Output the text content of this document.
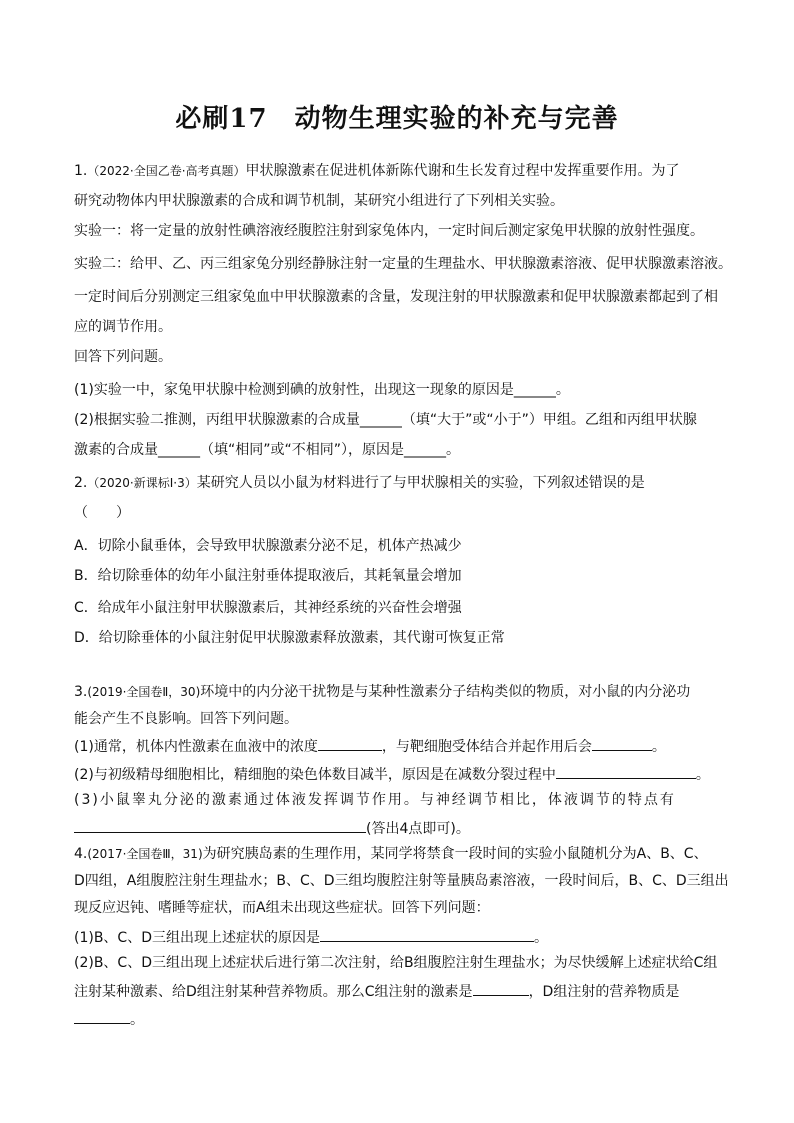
必刷17　动物生理实验的补充与完善
1.（2022·全国乙卷·高考真题）甲状腺激素在促进机体新陈代谢和生长发育过程中发挥重要作用。为了
研究动物体内甲状腺激素的合成和调节机制，某研究小组进行了下列相关实验。
实验一：将一定量的放射性碘溶液经腹腔注射到家兔体内，一定时间后测定家兔甲状腺的放射性强度。
实验二：给甲、乙、丙三组家兔分别经静脉注射一定量的生理盐水、甲状腺激素溶液、促甲状腺激素溶液。
一定时间后分别测定三组家兔血中甲状腺激素的含量，发现注射的甲状腺激素和促甲状腺激素都起到了相
应的调节作用。
回答下列问题。
(1)实验一中，家兔甲状腺中检测到碘的放射性，出现这一现象的原因是______。
(2)根据实验二推测，丙组甲状腺激素的合成量______（填“大于”或“小于”）甲组。乙组和丙组甲状腺
激素的合成量______（填“相同”或“不相同”），原因是______。
2.（2020·新课标Ⅰ·3）某研究人员以小鼠为材料进行了与甲状腺相关的实验，下列叙述错误的是
（　　）
A．切除小鼠垂体，会导致甲状腺激素分泌不足，机体产热减少
B．给切除垂体的幼年小鼠注射垂体提取液后，其耗氧量会增加
C．给成年小鼠注射甲状腺激素后，其神经系统的兴奋性会增强
D．给切除垂体的小鼠注射促甲状腺激素释放激素，其代谢可恢复正常
3.(2019·全国卷Ⅱ，30)环境中的内分泌干扰物是与某种性激素分子结构类似的物质，对小鼠的内分泌功
能会产生不良影响。回答下列问题。
(1)通常，机体内性激素在血液中的浓度	，与靶细胞受体结合并起作用后会	。
(2)与初级精母细胞相比，精细胞的染色体数目减半，原因是在减数分裂过程中	。
(3)小鼠睾丸分泌的激素通过体液发挥调节作用。与神经调节相比，体液调节的特点有
(答出4点即可)。
4.(2017·全国卷Ⅲ，31)为研究胰岛素的生理作用，某同学将禁食一段时间的实验小鼠随机分为A、B、C、
D四组，A组腹腔注射生理盐水；B、C、D三组均腹腔注射等量胰岛素溶液，一段时间后，B、C、D三组出
现反应迟钝、嗜睡等症状，而A组未出现这些症状。回答下列问题：
(1)B、C、D三组出现上述症状的原因是	。
(2)B、C、D三组出现上述症状后进行第二次注射，给B组腹腔注射生理盐水；为尽快缓解上述症状给C组
注射某种激素、给D组注射某种营养物质。那么C组注射的激素是	，D组注射的营养物质是
。
